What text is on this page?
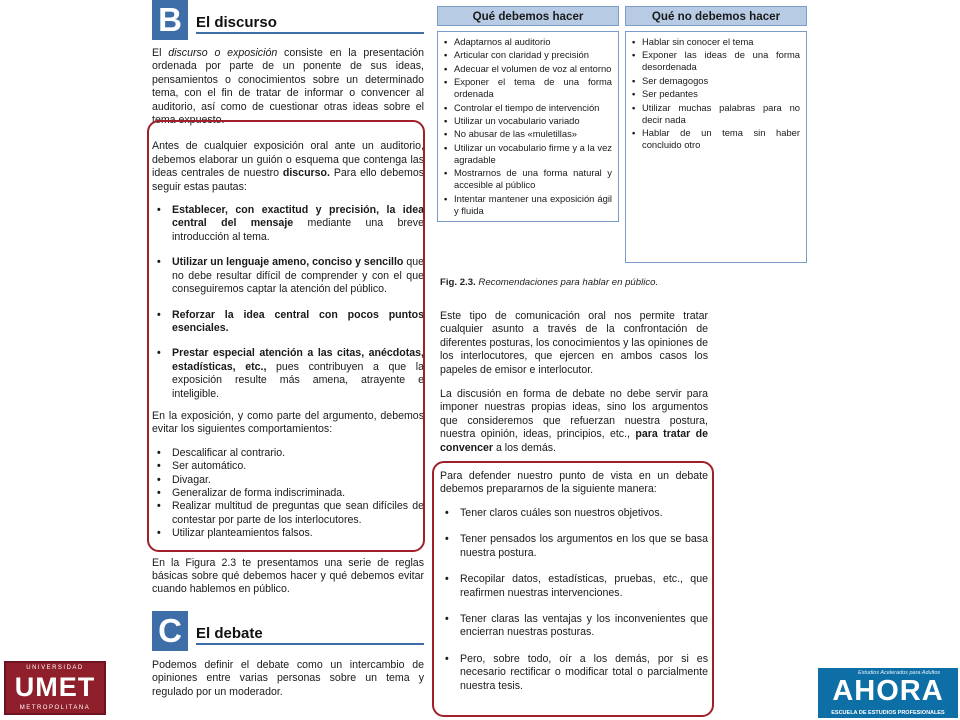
B El discurso

El discurso o exposición consiste en la presentación ordenada por parte de un ponente de sus ideas, pensamientos o conocimientos sobre un determinado tema, con el fin de tratar de informar o convencer al auditorio, así como de cuestionar otras ideas sobre el tema expuesto.

Antes de cualquier exposición oral ante un auditorio, debemos elaborar un guión o esquema que contenga las ideas centrales de nuestro discurso. Para ello debemos seguir estas pautas:

• Establecer, con exactitud y precisión, la idea central del mensaje mediante una breve introducción al tema.
• Utilizar un lenguaje ameno, conciso y sencillo que no debe resultar difícil de comprender y con el que conseguiremos captar la atención del público.
• Reforzar la idea central con pocos puntos esenciales.
• Prestar especial atención a las citas, anécdotas, estadísticas, etc., pues contribuyen a que la exposición resulte más amena, atrayente e inteligible.

En la exposición, y como parte del argumento, debemos evitar los siguientes comportamientos:

• Descalificar al contrario.
• Ser automático.
• Divagar.
• Generalizar de forma indiscriminada.
• Realizar multitud de preguntas que sean difíciles de contestar por parte de los interlocutores.
• Utilizar planteamientos falsos.

En la Figura 2.3 te presentamos una serie de reglas básicas sobre qué debemos hacer y qué debemos evitar cuando hablemos en público.

C El debate

Podemos definir el debate como un intercambio de opiniones entre varias personas sobre un tema y regulado por un moderador.

Qué debemos hacer
• Adaptarnos al auditorio
• Articular con claridad y precisión
• Adecuar el volumen de voz al entorno
• Exponer el tema de una forma ordenada
• Controlar el tiempo de intervención
• Utilizar un vocabulario variado
• No abusar de las «muletillas»
• Utilizar un vocabulario firme y a la vez agradable
• Mostrarnos de una forma natural y accesible al público
• Intentar mantener una exposición ágil y fluida
Qué no debemos hacer
• Hablar sin conocer el tema
• Exponer las ideas de una forma desordenada
• Ser demagogos
• Ser pedantes
• Utilizar muchas palabras para no decir nada
• Hablar de un tema sin haber concluido otro
Fig. 2.3. Recomendaciones para hablar en público.

Este tipo de comunicación oral nos permite tratar cualquier asunto a través de la confrontación de diferentes posturas, los conocimientos y las opiniones de los interlocutores, que ejercen en ambos casos los papeles de emisor e interlocutor.

La discusión en forma de debate no debe servir para imponer nuestras propias ideas, sino los argumentos que consideremos que refuerzan nuestra postura, nuestra opinión, ideas, principios, etc., para tratar de convencer a los demás.

Para defender nuestro punto de vista en un debate debemos prepararnos de la siguiente manera:

• Tener claros cuáles son nuestros objetivos.
• Tener pensados los argumentos en los que se basa nuestra postura.
• Recopilar datos, estadísticas, pruebas, etc., que reafirmen nuestras intervenciones.
• Tener claras las ventajas y los inconvenientes que encierran nuestras posturas.
• Pero, sobre todo, oír a los demás, por si es necesario rectificar o modificar total o parcialmente nuestra tesis.
UNIVERSIDAD
UMET
METROPOLITANA
Estudios Acelerados para Adultos
AHORA
ESCUELA DE ESTUDIOS PROFESIONALES
